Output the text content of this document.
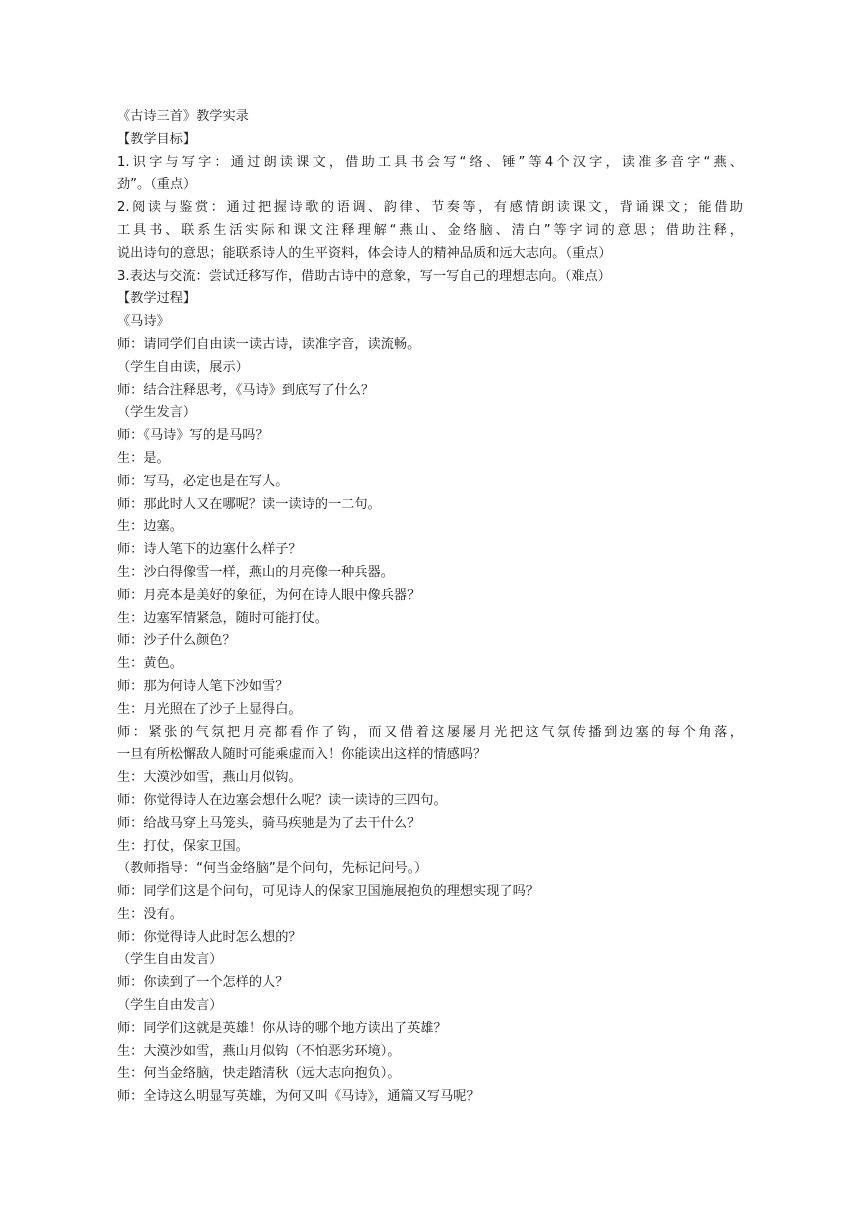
《古诗三首》教学实录
【教学目标】
1.识字与写字：通过朗读课文，借助工具书会写“络、锤”等4个汉字，读准多音字“燕、
劲”。（重点）
2.阅读与鉴赏：通过把握诗歌的语调、韵律、节奏等，有感情朗读课文，背诵课文；能借助
工具书、联系生活实际和课文注释理解“燕山、金络脑、清白”等字词的意思；借助注释，
说出诗句的意思；能联系诗人的生平资料，体会诗人的精神品质和远大志向。（重点）
3.表达与交流：尝试迁移写作，借助古诗中的意象，写一写自己的理想志向。（难点）
【教学过程】
《马诗》
师：请同学们自由读一读古诗，读准字音，读流畅。
（学生自由读，展示）
师：结合注释思考，《马诗》到底写了什么？
（学生发言）
师：《马诗》写的是马吗？
生：是。
师：写马，必定也是在写人。
师：那此时人又在哪呢？读一读诗的一二句。
生：边塞。
师：诗人笔下的边塞什么样子？
生：沙白得像雪一样，燕山的月亮像一种兵器。
师：月亮本是美好的象征，为何在诗人眼中像兵器？
生：边塞军情紧急，随时可能打仗。
师：沙子什么颜色？
生：黄色。
师：那为何诗人笔下沙如雪？
生：月光照在了沙子上显得白。
师：紧张的气氛把月亮都看作了钩，而又借着这屡屡月光把这气氛传播到边塞的每个角落，
一旦有所松懈敌人随时可能乘虚而入！你能读出这样的情感吗？
生：大漠沙如雪，燕山月似钩。
师：你觉得诗人在边塞会想什么呢？读一读诗的三四句。
师：给战马穿上马笼头，骑马疾驰是为了去干什么？
生：打仗，保家卫国。
（教师指导：“何当金络脑”是个问句，先标记问号。）
师：同学们这是个问句，可见诗人的保家卫国施展抱负的理想实现了吗？
生：没有。
师：你觉得诗人此时怎么想的？
（学生自由发言）
师：你读到了一个怎样的人？
（学生自由发言）
师：同学们这就是英雄！你从诗的哪个地方读出了英雄？
生：大漠沙如雪，燕山月似钩（不怕恶劣环境）。
生：何当金络脑，快走踏清秋（远大志向抱负）。
师：全诗这么明显写英雄，为何又叫《马诗》，通篇又写马呢？
